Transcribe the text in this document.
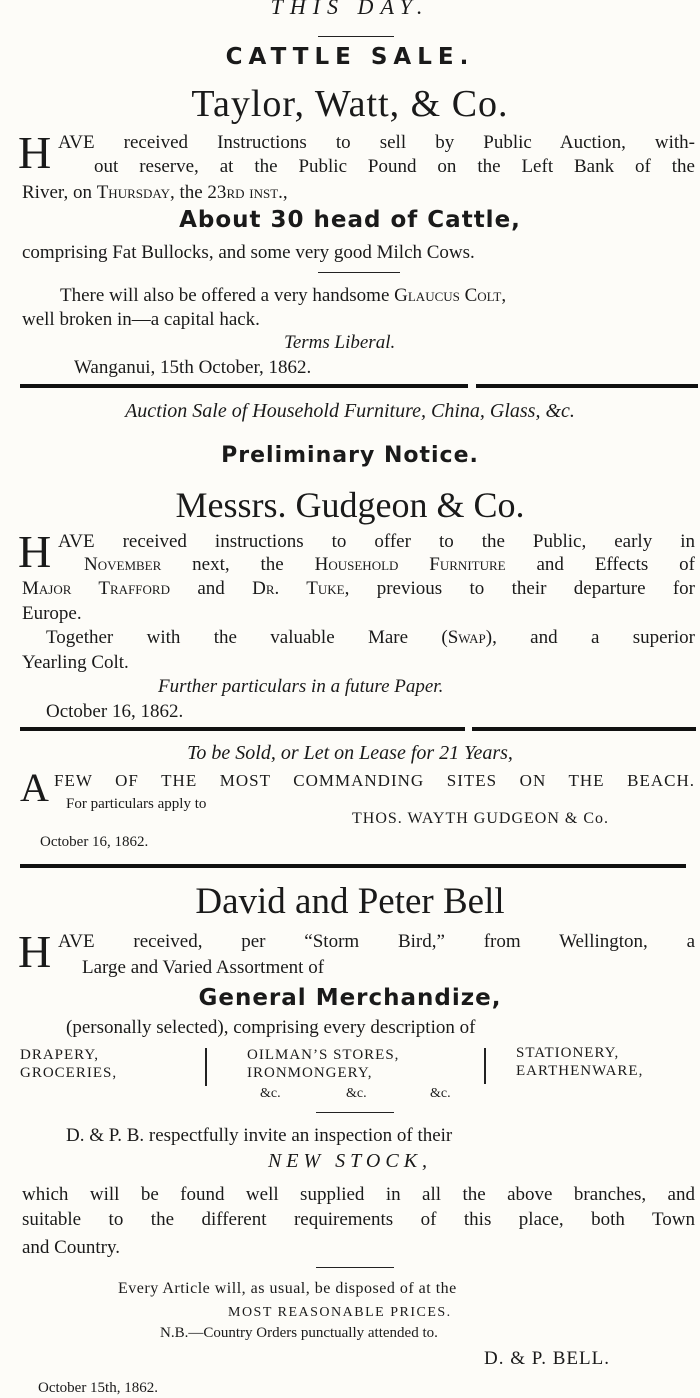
THIS DAY.
CATTLE SALE.
Taylor, Watt, & Co.
H AVE received Instructions to sell by Public Auction, with-
out reserve, at the Public Pound on the Left Bank of the
River, on Thursday, the 23rd inst.,
About 30 head of Cattle,
comprising Fat Bullocks, and some very good Milch Cows.
There will also be offered a very handsome Glaucus Colt,
well broken in—a capital hack.
Terms Liberal.
Wanganui, 15th October, 1862.
Auction Sale of Household Furniture, China, Glass, &c.
Preliminary Notice.
Messrs. Gudgeon & Co.
H AVE received instructions to offer to the Public, early in
November next, the Household Furniture and Effects of
Major Trafford and Dr. Tuke, previous to their departure for
Europe.
Together with the valuable Mare (Swap), and a superior
Yearling Colt.
Further particulars in a future Paper.
October 16, 1862.
To be Sold, or Let on Lease for 21 Years,
A FEW OF THE MOST COMMANDING SITES ON THE BEACH.
For particulars apply to
THOS. WAYTH GUDGEON & Co.
October 16, 1862.
David and Peter Bell
H AVE received, per “Storm Bird,” from Wellington, a
Large and Varied Assortment of
General Merchandize,
(personally selected), comprising every description of
DRAPERY,
GROCERIES,
OILMAN’S STORES,
IRONMONGERY,
STATIONERY,
EARTHENWARE,
&c.	&c.	&c.
D. & P. B. respectfully invite an inspection of their
NEW STOCK,
which will be found well supplied in all the above branches, and
suitable to the different requirements of this place, both Town
and Country.
Every Article will, as usual, be disposed of at the
MOST REASONABLE PRICES.
N.B.—Country Orders punctually attended to.
D. & P. BELL.
October 15th, 1862.
